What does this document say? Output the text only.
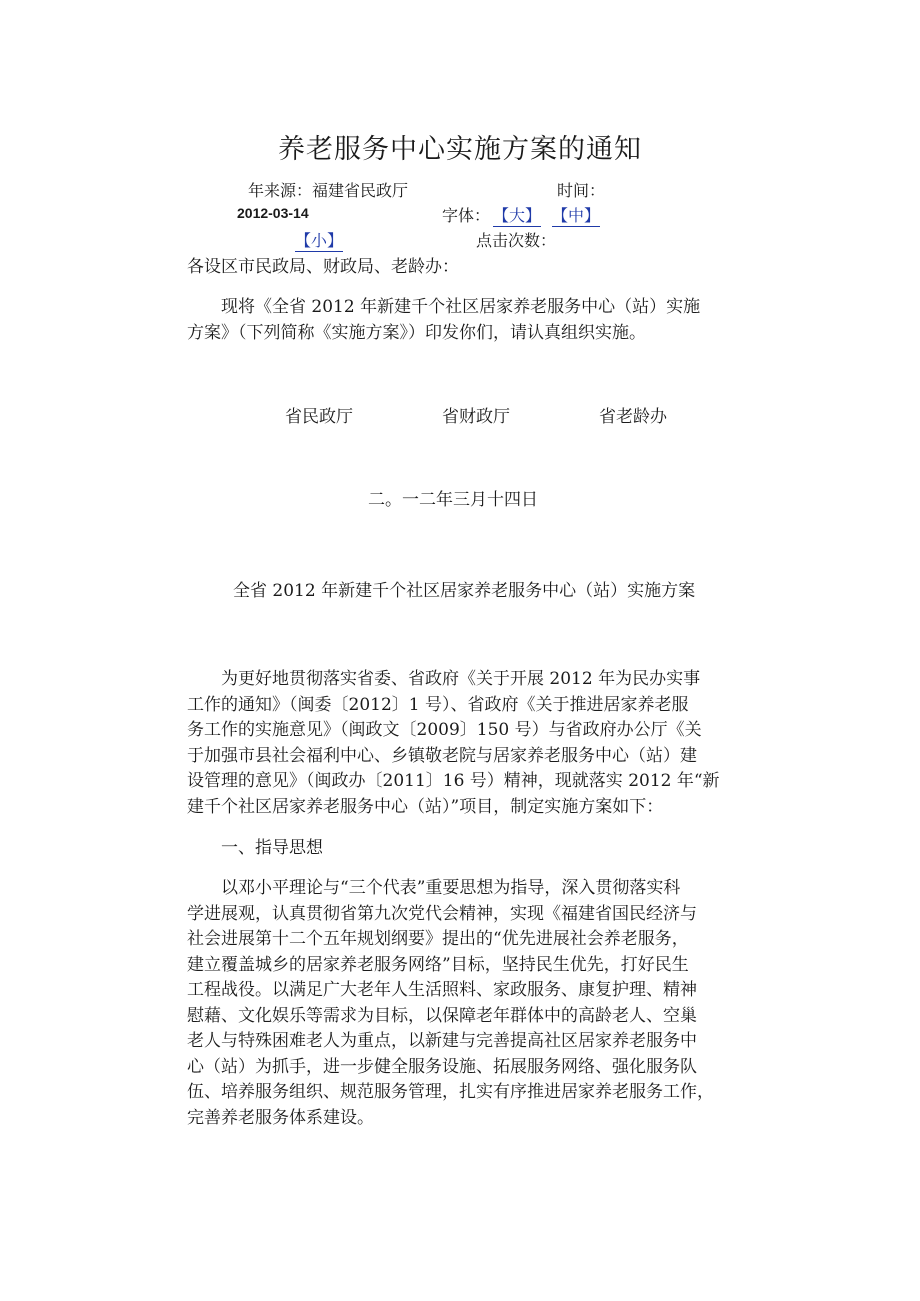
养老服务中心实施方案的通知
年来源：福建省民政厅	时间：
2012-03-14	字体： 【大】 【中】
【小】	点击次数：
各设区市民政局、财政局、老龄办：
现将《全省 2012 年新建千个社区居家养老服务中心（站）实施
方案》（下列简称《实施方案》）印发你们，请认真组织实施。
省民政厅	省财政厅	省老龄办
二。一二年三月十四日
全省 2012 年新建千个社区居家养老服务中心（站）实施方案
为更好地贯彻落实省委、省政府《关于开展 2012 年为民办实事
工作的通知》（闽委〔2012〕1 号）、省政府《关于推进居家养老服
务工作的实施意见》（闽政文〔2009〕150 号）与省政府办公厅《关
于加强市县社会福利中心、乡镇敬老院与居家养老服务中心（站）建
设管理的意见》（闽政办〔2011〕16 号）精神，现就落实 2012 年“新
建千个社区居家养老服务中心（站）”项目，制定实施方案如下：
一、指导思想
以邓小平理论与“三个代表”重要思想为指导，深入贯彻落实科
学进展观，认真贯彻省第九次党代会精神，实现《福建省国民经济与
社会进展第十二个五年规划纲要》提出的“优先进展社会养老服务，
建立覆盖城乡的居家养老服务网络”目标，坚持民生优先，打好民生
工程战役。以满足广大老年人生活照料、家政服务、康复护理、精神
慰藉、文化娱乐等需求为目标，以保障老年群体中的高龄老人、空巢
老人与特殊困难老人为重点，以新建与完善提高社区居家养老服务中
心（站）为抓手，进一步健全服务设施、拓展服务网络、强化服务队
伍、培养服务组织、规范服务管理，扎实有序推进居家养老服务工作，
完善养老服务体系建设。
